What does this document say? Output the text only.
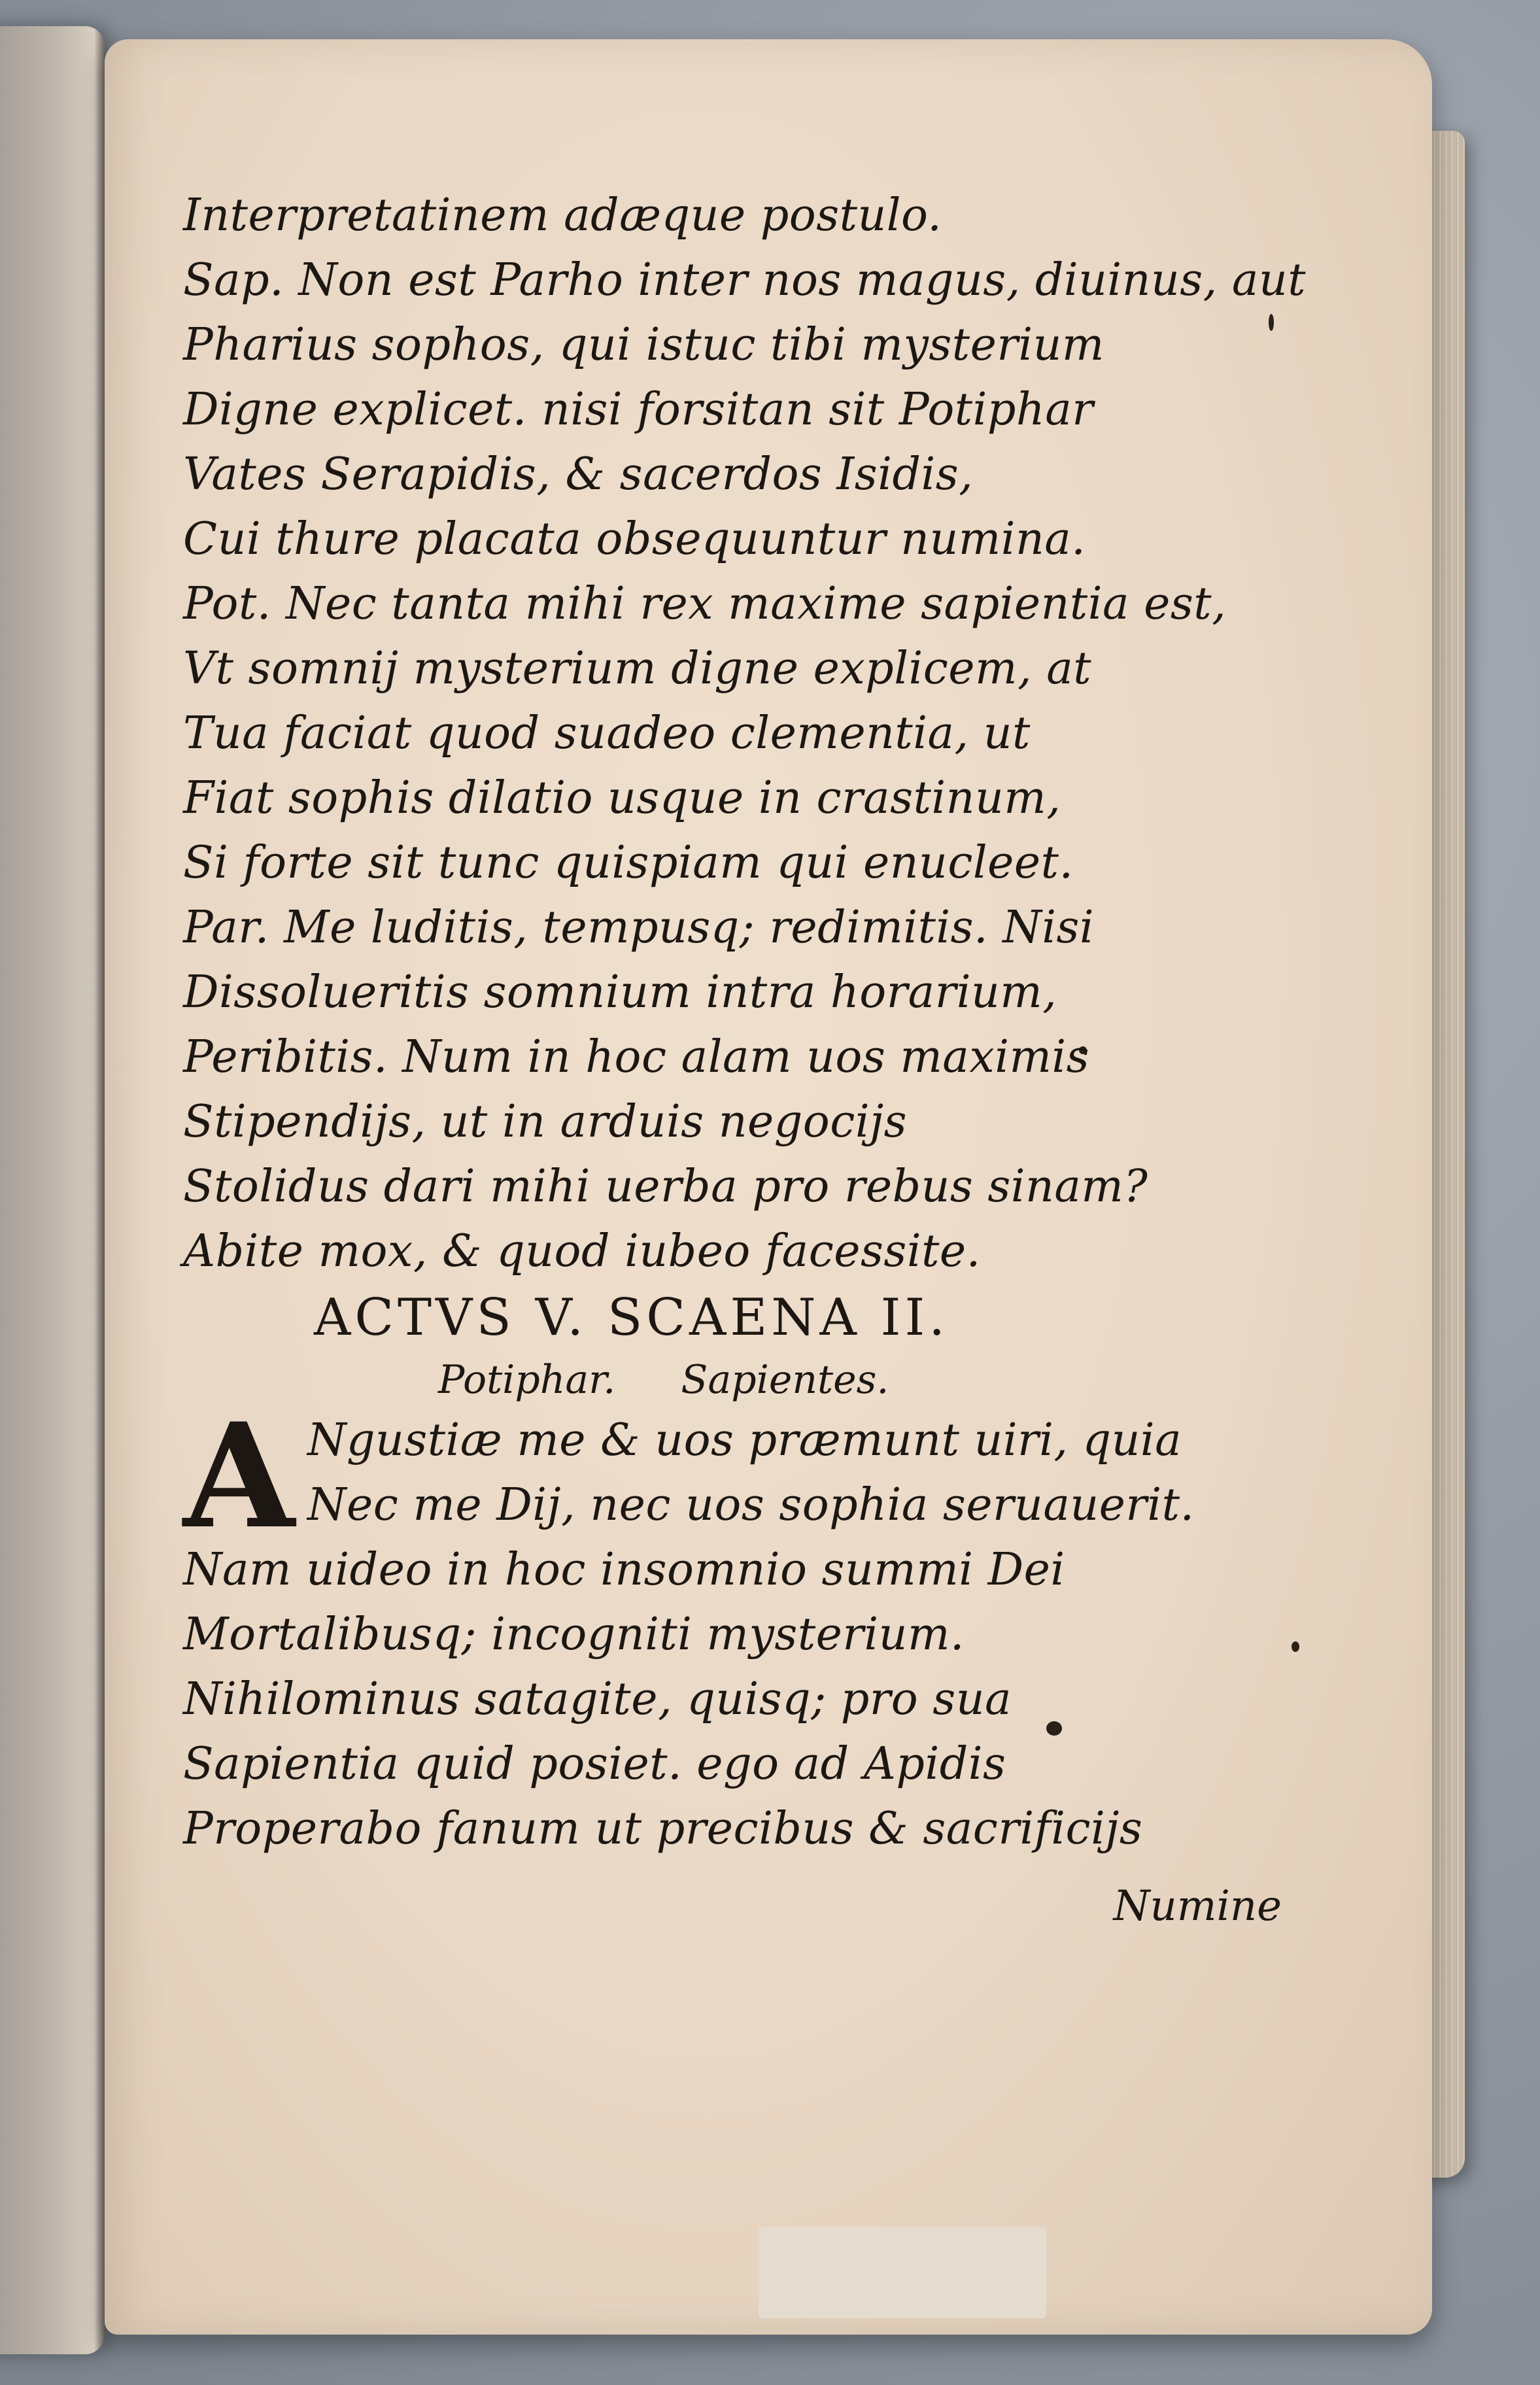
Interpretatinem adæque postulo.
Sap. Non est Parho inter nos magus, diuinus, aut
Pharius sophos, qui istuc tibi mysterium
Digne explicet. nisi forsitan sit Potiphar
Vates Serapidis, & sacerdos Isidis,
Cui thure placata obsequuntur numina.
Pot. Nec tanta mihi rex maxime sapientia est,
Vt somnij mysterium digne explicem, at
Tua faciat quod suadeo clementia, ut
Fiat sophis dilatio usque in crastinum,
Si forte sit tunc quispiam qui enucleet.
Par. Me luditis, tempusq; redimitis. Nisi
Dissolueritis somnium intra horarium,
Peribitis. Num in hoc alam uos maximis
Stipendijs, ut in arduis negocijs
Stolidus dari mihi uerba pro rebus sinam?
Abite mox, & quod iubeo facessite.
ACTVS V. SCAENA II.
Potiphar. Sapientes.
A Ngustiæ me & uos præmunt uiri, quia
Nec me Dij, nec uos sophia seruauerit.
Nam uideo in hoc insomnio summi Dei
Mortalibusq; incogniti mysterium.
Nihilominus satagite, quisq; pro sua
Sapientia quid posiet. ego ad Apidis
Properabo fanum ut precibus & sacrificijs
Numine
